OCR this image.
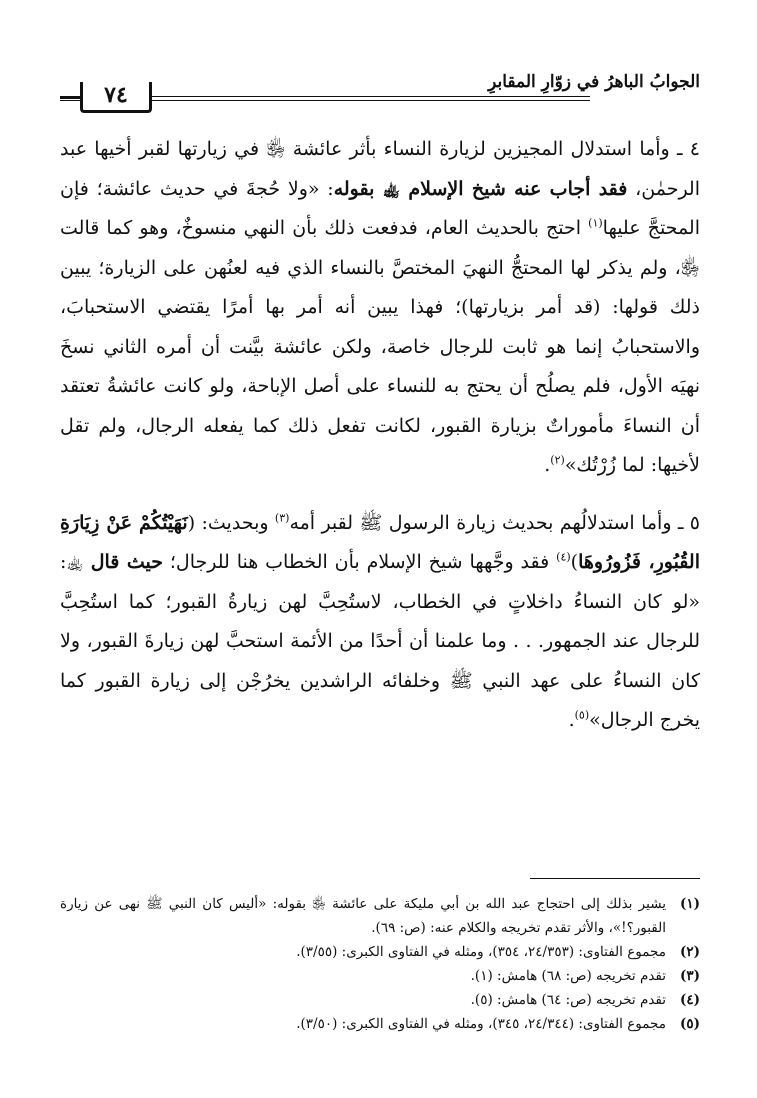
الجوابُ الباهرُ في زوّارِ المقابرِ
٧٤

٤ ـ وأما استدلال المجيزين لزيارة النساء بأثر عائشة ﵂ في زيارتها لقبر أخيها عبد الرحمٰن، فقد أجاب عنه شيخ الإسلام ﵀ بقوله: «ولا حُجةَ في حديث عائشة؛ فإن المحتجَّ عليها$^{(١)}$ احتج بالحديث العام، فدفعت ذلك بأن النهي منسوخٌ، وهو كما قالت ﵂، ولم يذكر لها المحتجُّ النهيَ المختصَّ بالنساء الذي فيه لعنُهن على الزيارة؛ يبين ذلك قولها: (قد أمر بزيارتها)؛ فهذا يبين أنه أمر بها أمرًا يقتضي الاستحبابَ، والاستحبابُ إنما هو ثابت للرجال خاصة، ولكن عائشة بيَّنت أن أمره الثاني نسخَ نهيَه الأول، فلم يصلُح أن يحتج به للنساء على أصل الإباحة، ولو كانت عائشةُ تعتقد أن النساءَ مأموراتٌ بزيارة القبور، لكانت تفعل ذلك كما يفعله الرجال، ولم تقل لأخيها: لما زُرْتُك»$^{(٢)}$.

٥ ـ وأما استدلالُهم بحديث زيارة الرسول ﷺ لقبر أمه$^{(٣)}$ وبحديث: (نَهَيْتُكُمْ عَنْ زِيَارَةِ القُبُورِ، فَزُورُوهَا)$^{(٤)}$ فقد وجَّهها شيخ الإسلام بأن الخطاب هنا للرجال؛ حيث قال ﵀: «لو كان النساءُ داخلاتٍ في الخطاب، لاستُحِبَّ لهن زيارةُ القبور؛ كما استُحِبَّ للرجال عند الجمهور. . . وما علمنا أن أحدًا من الأئمة استحبَّ لهن زيارةَ القبور، ولا كان النساءُ على عهد النبي ﷺ وخلفائه الراشدين يخرُجْن إلى زيارة القبور كما يخرج الرجال»$^{(٥)}$.

(١)
يشير بذلك إلى احتجاج عبد الله بن أبي مليكة على عائشة ﵂ بقوله: «أليس كان النبي ﷺ نهى عن زيارة القبور؟!»، والأثر تقدم تخريجه والكلام عنه: (ص: ٦٩).
(٢)
مجموع الفتاوى: (٢٤/٣٥٣، ٣٥٤)، ومثله في الفتاوى الكبرى: (٣/٥٥).
(٣)
تقدم تخريجه (ص: ٦٨) هامش: (١).
(٤)
تقدم تخريجه (ص: ٦٤) هامش: (٥).
(٥)
مجموع الفتاوى: (٢٤/٣٤٤، ٣٤٥)، ومثله في الفتاوى الكبرى: (٣/٥٠).
